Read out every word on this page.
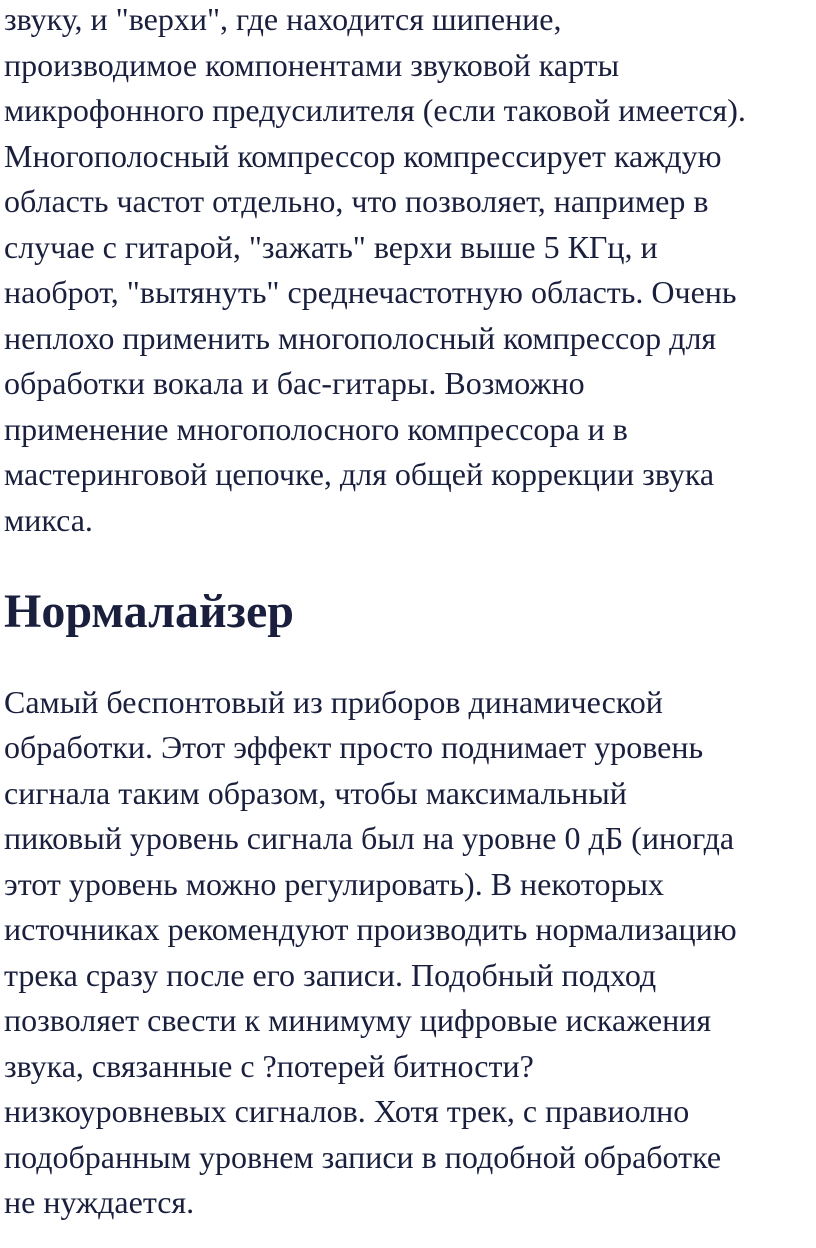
звуку, и "верхи", где находится шипение,
производимое компонентами звуковой карты
микрофонного предусилителя (если таковой имеется).
Многополосный компрессор компрессирует каждую
область частот отдельно, что позволяет, например в
случае с гитарой, "зажать" верхи выше 5 КГц, и
наоброт, "вытянуть" среднечастотную область. Очень
неплохо применить многополосный компрессор для
обработки вокала и бас-гитары. Возможно
применение многополосного компрессора и в
мастеринговой цепочке, для общей коррекции звука
микса.

Нормалайзер

Самый беспонтовый из приборов динамической
обработки. Этот эффект просто поднимает уровень
сигнала таким образом, чтобы максимальный
пиковый уровень сигнала был на уровне 0 дБ (иногда
этот уровень можно регулировать). В некоторых
источниках рекомендуют производить нормализацию
трека сразу после его записи. Подобный подход
позволяет свести к минимуму цифровые искажения
звука, связанные с ?потерей битности?
низкоуровневых сигналов. Хотя трек, с правиолно
подобранным уровнем записи в подобной обработке
не нуждается.
